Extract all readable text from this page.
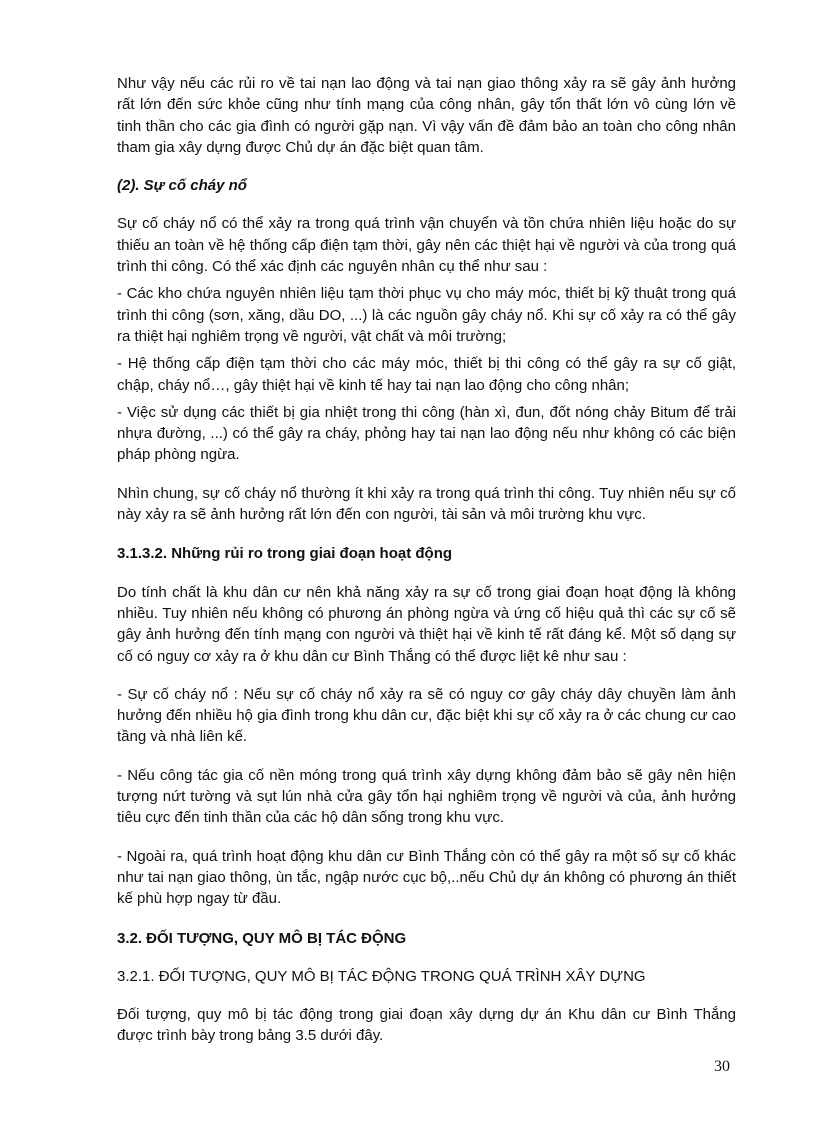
Như vậy nếu các rủi ro về tai nạn lao động và tai nạn giao thông xảy ra sẽ gây ảnh hưởng rất lớn đến sức khỏe cũng như tính mạng của công nhân, gây tổn thất lớn vô cùng lớn về tinh thần cho các gia đình có người gặp nạn. Vì vậy vấn đề đảm bảo an toàn cho công nhân tham gia xây dựng được Chủ dự án đặc biệt quan tâm.

(2). Sự cố cháy nổ

Sự cố cháy nổ có thể xảy ra trong quá trình vận chuyển và tồn chứa nhiên liệu hoặc do sự thiếu an toàn về hệ thống cấp điện tạm thời, gây nên các thiệt hại về người và của trong quá trình thi công. Có thể xác định các nguyên nhân cụ thể như sau :

- Các kho chứa nguyên nhiên liệu tạm thời phục vụ cho máy móc, thiết bị kỹ thuật trong quá trình thi công (sơn, xăng, dầu DO, ...) là các nguồn gây cháy nổ. Khi sự cố xảy ra có thể gây ra thiệt hại nghiêm trọng về người, vật chất và môi trường;

- Hệ thống cấp điện tạm thời cho các máy móc, thiết bị thi công có thể gây ra sự cố giật, chập, cháy nổ…, gây thiệt hại về kinh tế hay tai nạn lao động cho công nhân;

- Việc sử dụng các thiết bị gia nhiệt trong thi công (hàn xì, đun, đốt nóng chảy Bitum để trải nhựa đường, ...) có thể gây ra cháy, phỏng hay tai nạn lao động nếu như không có các biện pháp phòng ngừa.

Nhìn chung, sự cố cháy nổ thường ít khi xảy ra trong quá trình thi công. Tuy nhiên nếu sự cố này xảy ra sẽ ảnh hưởng rất lớn đến con người, tài sản và môi trường khu vực.

3.1.3.2. Những rủi ro trong giai đoạn hoạt động

Do tính chất là khu dân cư nên khả năng xảy ra sự cố trong giai đoạn hoạt động là không nhiều. Tuy nhiên nếu không có phương án phòng ngừa và ứng cố hiệu quả thì các sự cố sẽ gây ảnh hưởng đến tính mạng con người và thiệt hại về kinh tế rất đáng kể. Một số dạng sự cố có nguy cơ xảy ra ở khu dân cư Bình Thắng có thể được liệt kê như sau :

- Sự cố cháy nổ : Nếu sự cố cháy nổ xảy ra sẽ có nguy cơ gây cháy dây chuyền làm ảnh hưởng đến nhiều hộ gia đình trong khu dân cư, đặc biệt khi sự cố xảy ra ở các chung cư cao tầng và nhà liên kế.

- Nếu công tác gia cố nền móng trong quá trình xây dựng không đảm bảo sẽ gây nên hiện tượng nứt tường và sụt lún nhà cửa gây tổn hại nghiêm trọng về người và của, ảnh hưởng tiêu cực đến tinh thần của các hộ dân sống trong khu vực.

- Ngoài ra, quá trình hoạt động khu dân cư Bình Thắng còn có thể gây ra một số sự cố khác như tai nạn giao thông, ùn tắc, ngập nước cục bộ,..nếu Chủ dự án không có phương án thiết kế phù hợp ngay từ đầu.

3.2. ĐỐI TƯỢNG, QUY MÔ BỊ TÁC ĐỘNG

3.2.1. ĐỐI TƯỢNG, QUY MÔ BỊ TÁC ĐỘNG TRONG QUÁ TRÌNH XÂY DỰNG

Đối tượng, quy mô bị tác động trong giai đoạn xây dựng dự án Khu dân cư Bình Thắng được trình bày trong bảng 3.5 dưới đây.

30
